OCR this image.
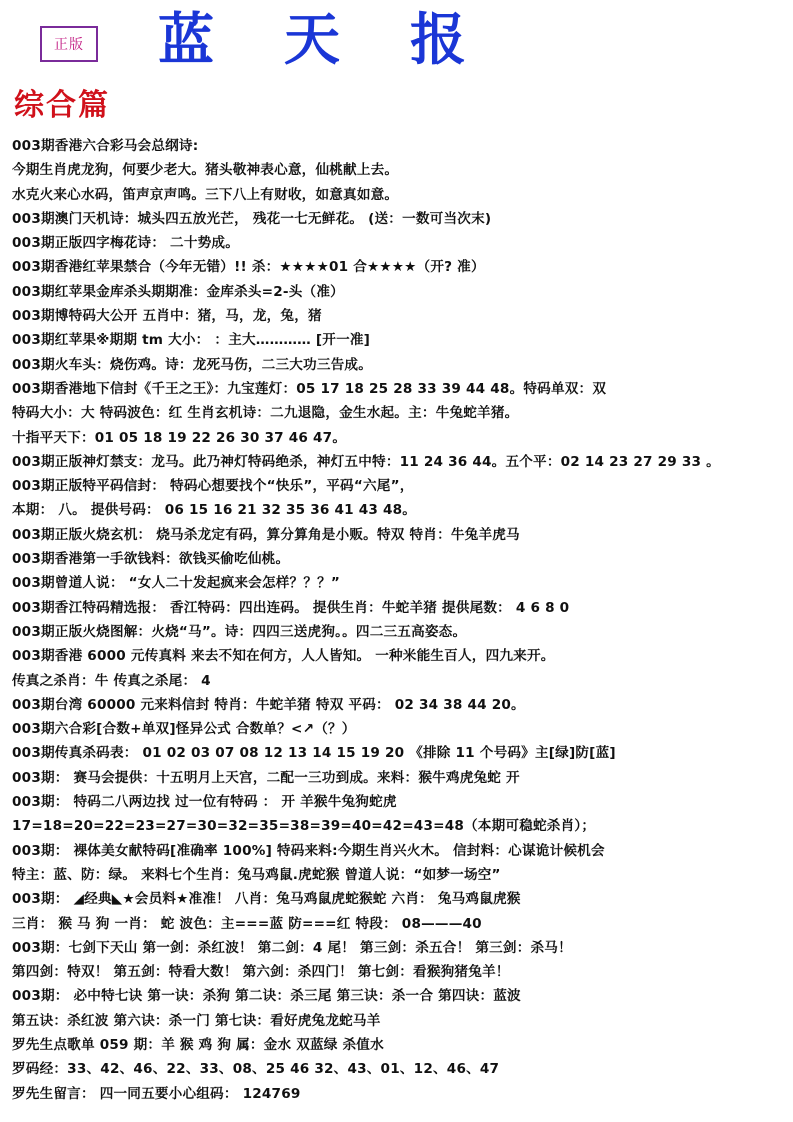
正版 蓝 天 报
综合篇
003期香港六合彩马会总纲诗:
今期生肖虎龙狗，何要少老大。猪头敬神表心意，仙桃献上去。
水克火来心水码，笛声京声鸣。三下八上有财收，如意真如意。
003期澳门天机诗：城头四五放光芒， 残花一七无鲜花。 (送：一数可当次末)
003期正版四字梅花诗： 二十势成。
003期香港红苹果禁合（今年无错）!! 杀：★★★★01 合★★★★（开? 准）
003期红苹果金库杀头期期准：金库杀头=2-头（准）
003期博特码大公开 五肖中：猪，马，龙，兔，猪
003期红苹果※期期 tm 大小： ：主大………… [开一准]
003期火车头：烧伤鸡。诗：龙死马伤，二三大功三告成。
003期香港地下信封《千王之王》：九宝莲灯：05 17 18 25 28 33 39 44 48。特码单双：双
特码大小：大 特码波色：红 生肖玄机诗：二九退隐，金生水起。主：牛兔蛇羊猪。
十指平天下：01 05 18 19 22 26 30 37 46 47。
003期正版神灯禁支：龙马。此乃神灯特码绝杀，神灯五中特：11 24 36 44。五个平：02 14 23 27 29 33 。
003期正版特平码信封： 特码心想要找个“快乐”，平码“六尾”，
本期： 八。 提供号码： 06 15 16 21 32 35 36 41 43 48。
003期正版火烧玄机： 烧马杀龙定有码，算分算角是小贩。特双 特肖：牛兔羊虎马
003期香港第一手欲钱料：欲钱买偷吃仙桃。
003期曾道人说： “女人二十发起疯来会怎样？？？”
003期香江特码精选报： 香江特码：四出连码。 提供生肖：牛蛇羊猪 提供尾数： 4 6 8 0
003期正版火烧图解：火烧“马”。诗：四四三送虎狗。。四二三五高姿态。
003期香港 6000 元传真料 来去不知在何方，人人皆知。 一种米能生百人，四九来开。
传真之杀肖：牛 传真之杀尾： 4
003期台湾 60000 元来料信封 特肖：牛蛇羊猪 特双 平码： 02 34 38 44 20。
003期六合彩[合数+单双]怪异公式 合数单？<↗（？）
003期传真杀码表： 01 02 03 07 08 12 13 14 15 19 20 《排除 11 个号码》主[绿]防[蓝]
003期： 赛马会提供：十五明月上天宫，二配一三功到成。来料：猴牛鸡虎兔蛇 开
003期： 特码二八两边找 过一位有特码 ： 开 羊猴牛兔狗蛇虎
17=18=20=22=23=27=30=32=35=38=39=40=42=43=48（本期可稳蛇杀肖）；
003期： 裸体美女献特码[准确率 100%] 特码来料:今期生肖兴火木。 信封料：心谋诡计候机会
特主：蓝、防：绿。 来料七个生肖：兔马鸡鼠.虎蛇猴 曾道人说：“如梦一场空”
003期： ◢经典◣★会员料★准准！ 八肖：兔马鸡鼠虎蛇猴蛇 六肖： 兔马鸡鼠虎猴
三肖： 猴 马 狗 一肖： 蛇 波色：主===蓝 防===红 特段： 08———40
003期：七剑下天山 第一剑：杀红波！ 第二剑：4 尾！ 第三剑：杀五合！ 第三剑：杀马！
第四剑：特双！ 第五剑：特看大数！ 第六剑：杀四门！ 第七剑：看猴狗猪兔羊！
003期： 必中特七诀 第一诀：杀狗 第二诀：杀三尾 第三诀：杀一合 第四诀：蓝波
第五诀：杀红波 第六诀：杀一门 第七诀：看好虎兔龙蛇马羊
罗先生点歌单 059 期：羊 猴 鸡 狗 属：金水 双蓝绿 杀值水
罗码经：33、42、46、22、33、08、25 46 32、43、01、12、46、47
罗先生留言： 四一同五要小心组码： 124769
